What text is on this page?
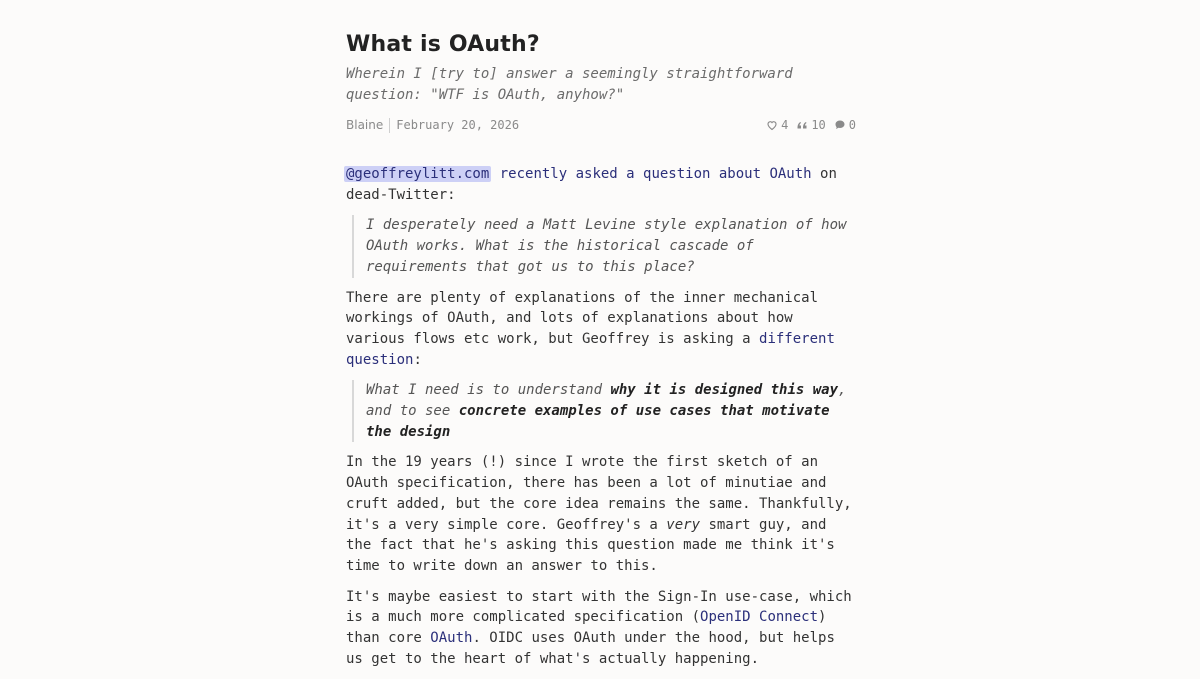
What is OAuth?
Wherein I [try to] answer a seemingly straightforward question: "WTF is OAuth, anyhow?"
Blaine	February 20, 2026	4 10 0

@geoffreylitt.com recently asked a question about OAuth on dead-Twitter:

I desperately need a Matt Levine style explanation of how OAuth works. What is the historical cascade of requirements that got us to this place?

There are plenty of explanations of the inner mechanical workings of OAuth, and lots of explanations about how various flows etc work, but Geoffrey is asking a different question:

What I need is to understand why it is designed this way, and to see concrete examples of use cases that motivate the design

In the 19 years (!) since I wrote the first sketch of an OAuth specification, there has been a lot of minutiae and cruft added, but the core idea remains the same. Thankfully, it's a very simple core. Geoffrey's a very smart guy, and the fact that he's asking this question made me think it's time to write down an answer to this.

It's maybe easiest to start with the Sign-In use-case, which is a much more complicated specification (OpenID Connect) than core OAuth. OIDC uses OAuth under the hood, but helps us get to the heart of what's actually happening.
